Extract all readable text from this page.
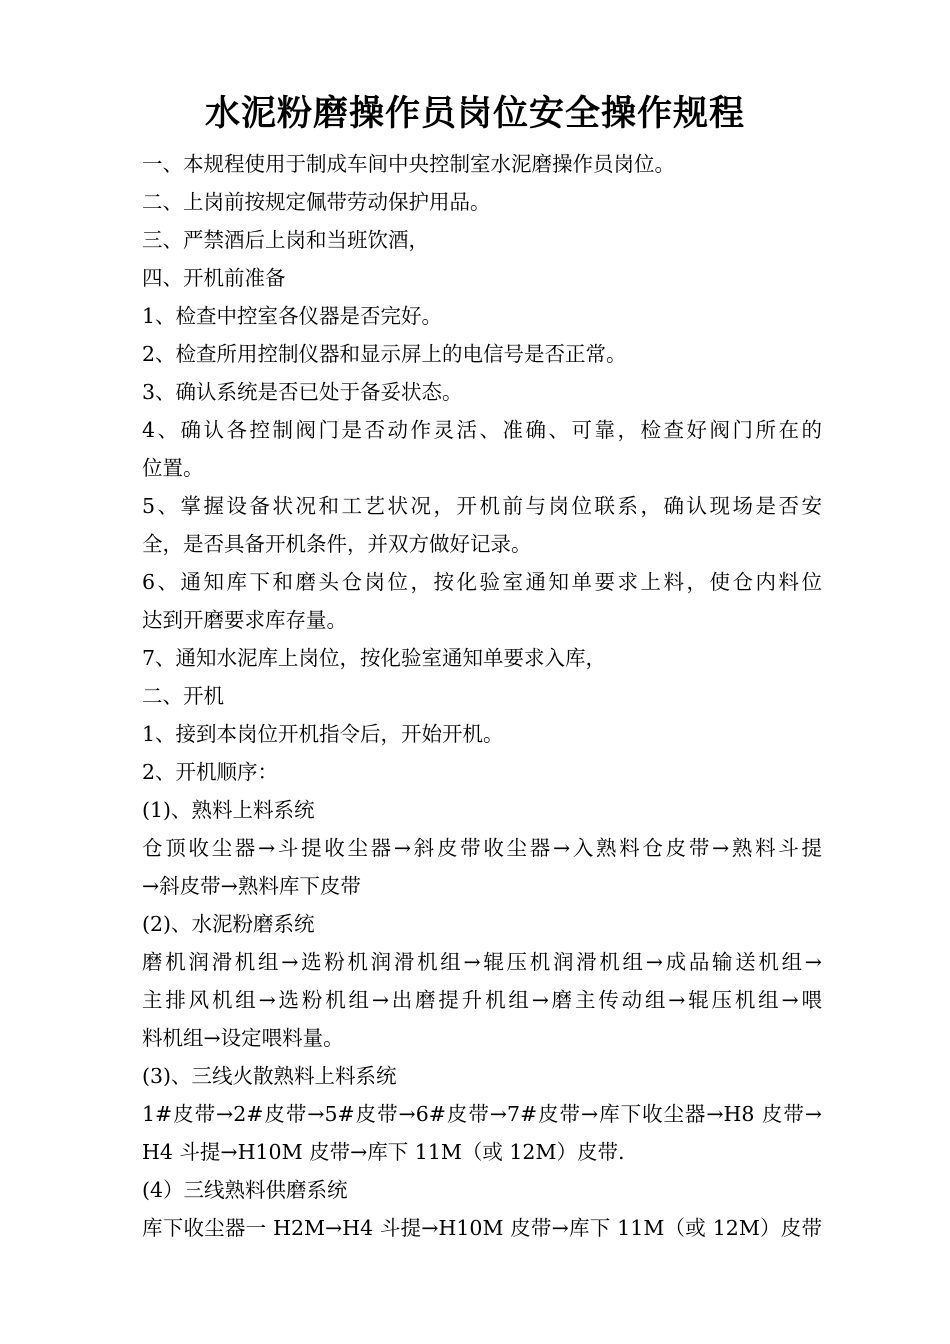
水泥粉磨操作员岗位安全操作规程
一、本规程使用于制成车间中央控制室水泥磨操作员岗位。
二、上岗前按规定佩带劳动保护用品。
三、严禁酒后上岗和当班饮酒，
四、开机前准备
1、检查中控室各仪器是否完好。
2、检查所用控制仪器和显示屏上的电信号是否正常。
3、确认系统是否已处于备妥状态。
4、确认各控制阀门是否动作灵活、准确、可靠，检查好阀门所在的
位置。
5、掌握设备状况和工艺状况，开机前与岗位联系，确认现场是否安
全，是否具备开机条件，并双方做好记录。
6、通知库下和磨头仓岗位，按化验室通知单要求上料，使仓内料位
达到开磨要求库存量。
7、通知水泥库上岗位，按化验室通知单要求入库，
二、开机
1、接到本岗位开机指令后，开始开机。
2、开机顺序：
(1)、熟料上料系统
仓顶收尘器→斗提收尘器→斜皮带收尘器→入熟料仓皮带→熟料斗提
→斜皮带→熟料库下皮带
(2)、水泥粉磨系统
磨机润滑机组→选粉机润滑机组→辊压机润滑机组→成品输送机组→
主排风机组→选粉机组→出磨提升机组→磨主传动组→辊压机组→喂
料机组→设定喂料量。
(3)、三线火散熟料上料系统
1#皮带→2#皮带→5#皮带→6#皮带→7#皮带→库下收尘器→H8 皮带→
H4 斗提→H10M 皮带→库下 11M（或 12M）皮带.
(4）三线熟料供磨系统
库下收尘器一 H2M→H4 斗提→H10M 皮带→库下 11M（或 12M）皮带
